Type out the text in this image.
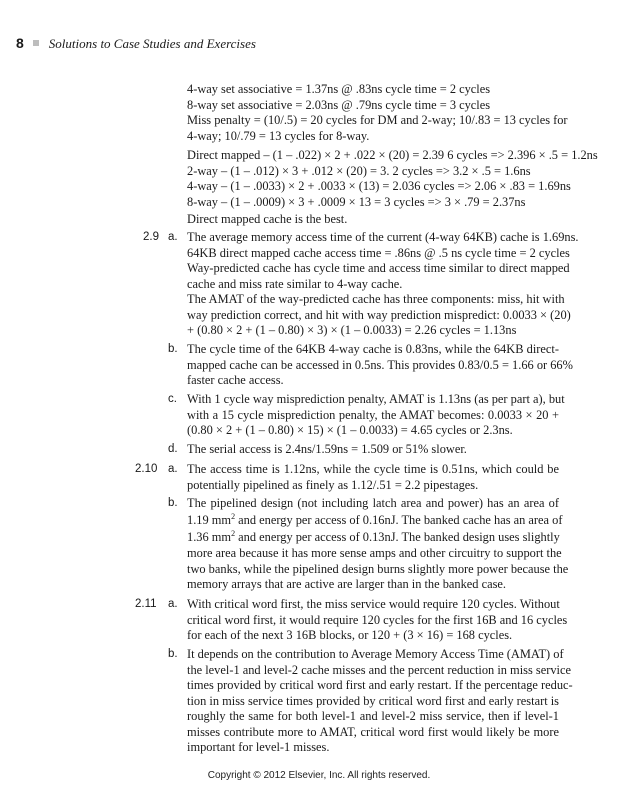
8 Solutions to Case Studies and Exercises
4-way set associative = 1.37ns @ .83ns cycle time = 2 cycles
8-way set associative = 2.03ns @ .79ns cycle time = 3 cycles
Miss penalty = (10/.5) = 20 cycles for DM and 2-way; 10/.83 = 13 cycles for
4-way; 10/.79 = 13 cycles for 8-way.
Direct mapped – (1 – .022) × 2 + .022 × (20) = 2.39 6 cycles => 2.396 × .5 = 1.2ns
2-way – (1 – .012) × 3 + .012 × (20) = 3. 2 cycles => 3.2 × .5 = 1.6ns
4-way – (1 – .0033) × 2 + .0033 × (13) = 2.036 cycles => 2.06 × .83 = 1.69ns
8-way – (1 – .0009) × 3 + .0009 × 13 = 3 cycles => 3 × .79 = 2.37ns
Direct mapped cache is the best.
2.9 a. The average memory access time of the current (4-way 64KB) cache is 1.69ns.
64KB direct mapped cache access time = .86ns @ .5 ns cycle time = 2 cycles
Way-predicted cache has cycle time and access time similar to direct mapped
cache and miss rate similar to 4-way cache.
The AMAT of the way-predicted cache has three components: miss, hit with
way prediction correct, and hit with way prediction mispredict: 0.0033 × (20)
+ (0.80 × 2 + (1 – 0.80) × 3) × (1 – 0.0033) = 2.26 cycles = 1.13ns
b. The cycle time of the 64KB 4-way cache is 0.83ns, while the 64KB direct-
mapped cache can be accessed in 0.5ns. This provides 0.83/0.5 = 1.66 or 66%
faster cache access.
c. With 1 cycle way misprediction penalty, AMAT is 1.13ns (as per part a), but
with a 15 cycle misprediction penalty, the AMAT becomes: 0.0033 × 20 +
(0.80 × 2 + (1 – 0.80) × 15) × (1 – 0.0033) = 4.65 cycles or 2.3ns.
d. The serial access is 2.4ns/1.59ns = 1.509 or 51% slower.
2.10 a. The access time is 1.12ns, while the cycle time is 0.51ns, which could be
potentially pipelined as finely as 1.12/.51 = 2.2 pipestages.
b. The pipelined design (not including latch area and power) has an area of
1.19 $mm^2$ and energy per access of 0.16nJ. The banked cache has an area of
1.36 $mm^2$ and energy per access of 0.13nJ. The banked design uses slightly
more area because it has more sense amps and other circuitry to support the
two banks, while the pipelined design burns slightly more power because the
memory arrays that are active are larger than in the banked case.
2.11 a. With critical word first, the miss service would require 120 cycles. Without
critical word first, it would require 120 cycles for the first 16B and 16 cycles
for each of the next 3 16B blocks, or 120 + (3 × 16) = 168 cycles.
b. It depends on the contribution to Average Memory Access Time (AMAT) of
the level-1 and level-2 cache misses and the percent reduction in miss service
times provided by critical word first and early restart. If the percentage reduc-
tion in miss service times provided by critical word first and early restart is
roughly the same for both level-1 and level-2 miss service, then if level-1
misses contribute more to AMAT, critical word first would likely be more
important for level-1 misses.
Copyright © 2012 Elsevier, Inc. All rights reserved.
